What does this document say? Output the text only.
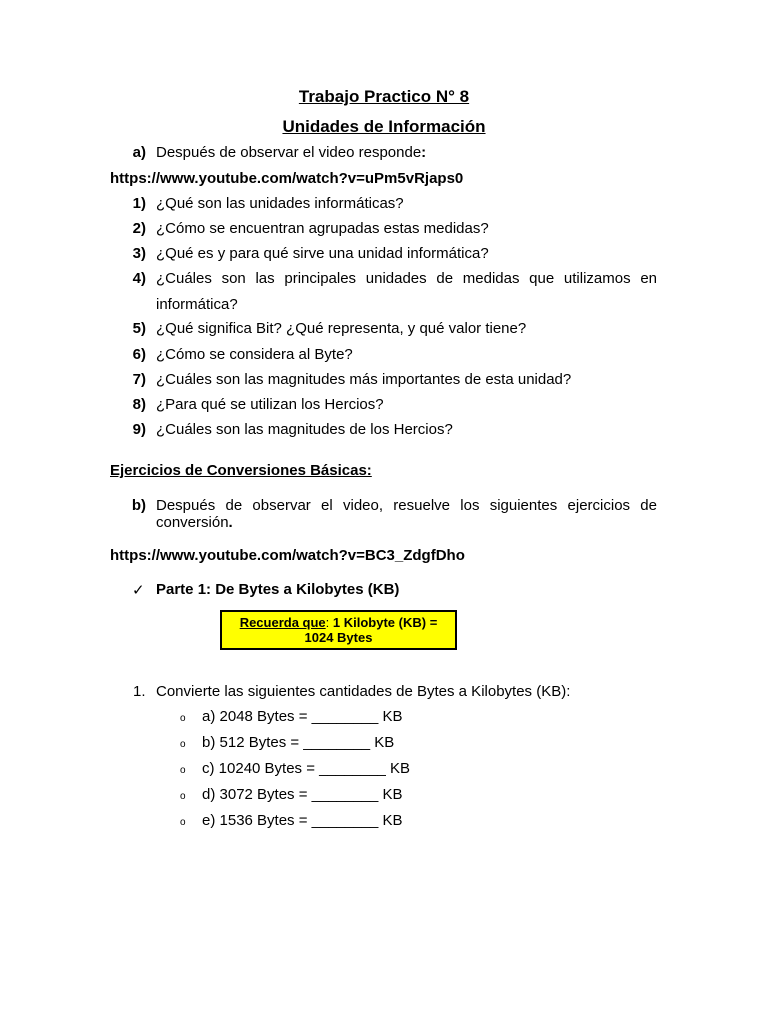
Trabajo Practico N° 8
Unidades de Información
a) Después de observar el video responde:
https://www.youtube.com/watch?v=uPm5vRjaps0
1) ¿Qué son las unidades informáticas?
2) ¿Cómo se encuentran agrupadas estas medidas?
3) ¿Qué es y para qué sirve una unidad informática?
4) ¿Cuáles son las principales unidades de medidas que utilizamos en
informática?
5) ¿Qué significa Bit? ¿Qué representa, y qué valor tiene?
6) ¿Cómo se considera al Byte?
7) ¿Cuáles son las magnitudes más importantes de esta unidad?
8) ¿Para qué se utilizan los Hercios?
9) ¿Cuáles son las magnitudes de los Hercios?
Ejercicios de Conversiones Básicas:
b) Después de observar el video, resuelve los siguientes ejercicios de
conversión.
https://www.youtube.com/watch?v=BC3_ZdgfDho
✓ Parte 1: De Bytes a Kilobytes (KB)
Recuerda que: 1 Kilobyte (KB) =
1024 Bytes
1. Convierte las siguientes cantidades de Bytes a Kilobytes (KB):
o a) 2048 Bytes = ________ KB
o b) 512 Bytes = ________ KB
o c) 10240 Bytes = ________ KB
o d) 3072 Bytes = ________ KB
o e) 1536 Bytes = ________ KB
